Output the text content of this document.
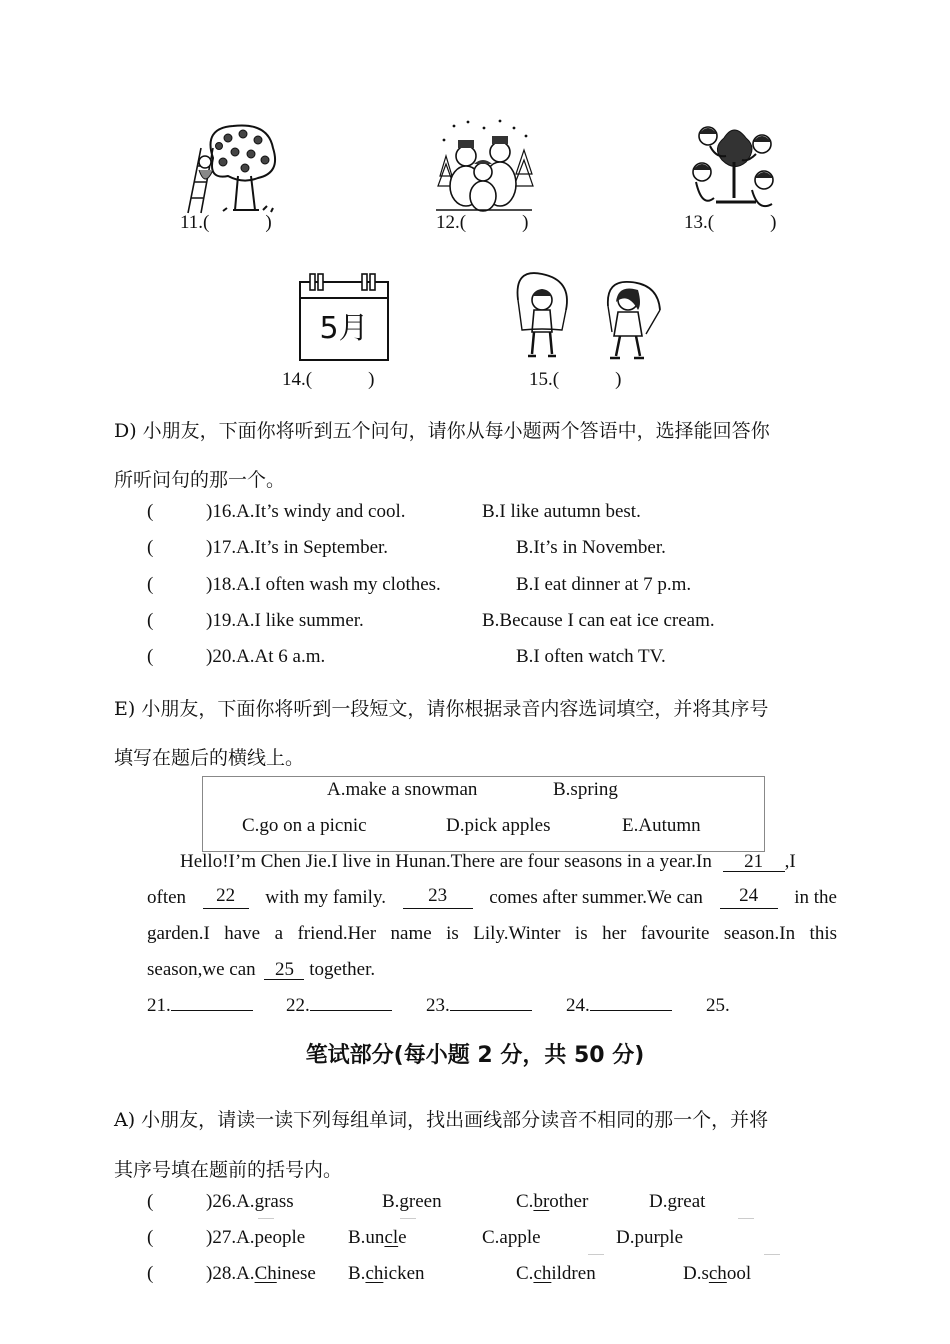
11.(	)	12.(	)	13.(	)
5月
14.(	)	15.(	)
D) 小朋友，下面你将听到五个问句，请你从每小题两个答语中，选择能回答你
所听问句的那一个。
(	)16.A.It’s windy and cool.	B.I like autumn best.
(	)17.A.It’s in September.	B.It’s in November.
(	)18.A.I often wash my clothes.	B.I eat dinner at 7 p.m.
(	)19.A.I like summer.	B.Because I can eat ice cream.
(	)20.A.At 6 a.m.	B.I often watch TV.
E) 小朋友，下面你将听到一段短文，请你根据录音内容选词填空，并将其序号
填写在题后的横线上。
A.make a snowman	B.spring
C.go on a picnic	D.pick apples	E.Autumn
Hello!I’m Chen Jie.I live in Hunan.There are four seasons in a year.In 21 ,I
often	22	with my family.	23	comes after summer.We can	24	in the
garden.I have a friend.Her name is Lily.Winter is her favourite season.In this
season,we can 25 together.
21.	22.	23.	24.	25.
笔试部分(每小题 2 分，共 50 分)
A) 小朋友，请读一读下列每组单词，找出画线部分读音不相同的那一个，并将
其序号填在题前的括号内。
(	)26.A.grass	B.green	C.brother	D.great
(	)27.A.people B.uncle	C.apple	D.purple
(	)28.A.Chinese B.chicken	C.children	D.school
